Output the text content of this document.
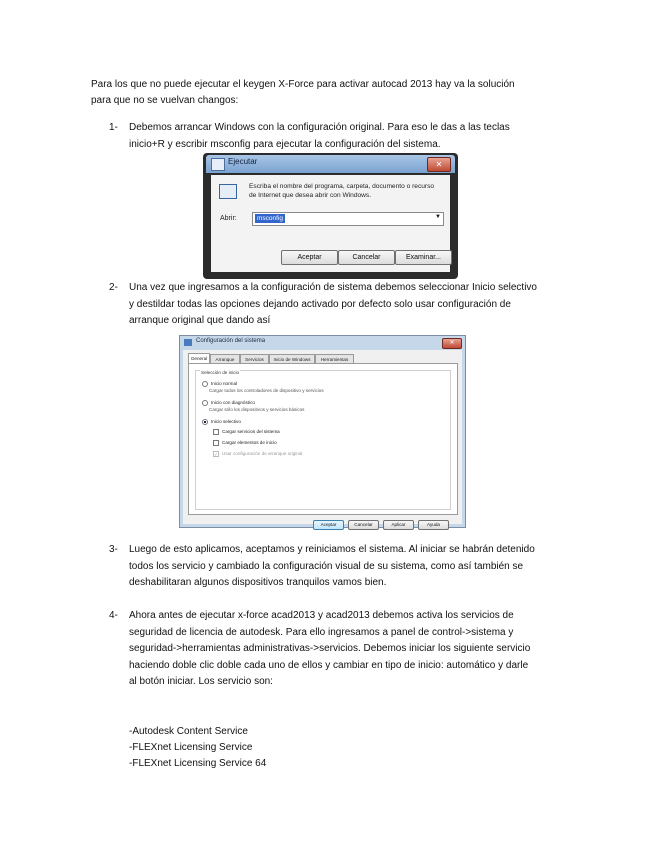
Para los que no puede ejecutar el keygen X-Force para activar autocad 2013 hay va la solución

para que no se vuelvan changos:

1- Debemos arrancar Windows con la configuración original. Para eso le das a las teclas
inicio+R y escribir msconfig para ejecutar la configuración del sistema.
Ejecutar	✕
Escriba el nombre del programa, carpeta, documento o recurso de Internet que desea abrir con Windows.
Abrir:	msconfig	▼
Aceptar	Cancelar	Examinar...
2- Una vez que ingresamos a la configuración de sistema debemos seleccionar Inicio selectivo
y destildar todas las opciones dejando activado por defecto solo usar configuración de
arranque original que dando así
Configuración del sistema	✕
General	Arranque	Servicios	Inicio de Windows	Herramientas
Selección de inicio
Inicio normal
Cargar todos los controladores de dispositivo y servicios
Inicio con diagnóstico
Cargar sólo los dispositivos y servicios básicos
Inicio selectivo
Cargar servicios del sistema
Cargar elementos de inicio
✓ Usar configuración de arranque original
Aceptar	Cancelar	Aplicar	Ayuda
3- Luego de esto aplicamos, aceptamos y reiniciamos el sistema. Al iniciar se habrán detenido
todos los servicio y cambiado la configuración visual de su sistema, como así también se
deshabilitaran algunos dispositivos tranquilos vamos bien.
4- Ahora antes de ejecutar x-force acad2013 y acad2013 debemos activa los servicios de
seguridad de licencia de autodesk. Para ello ingresamos a panel de control->sistema y
seguridad->herramientas administrativas->servicios. Debemos iniciar los siguiente servicio
haciendo doble clic doble cada uno de ellos y cambiar en tipo de inicio: automático y darle
al botón iniciar. Los servicio son:
-Autodesk Content Service
-FLEXnet Licensing Service
-FLEXnet Licensing Service 64
